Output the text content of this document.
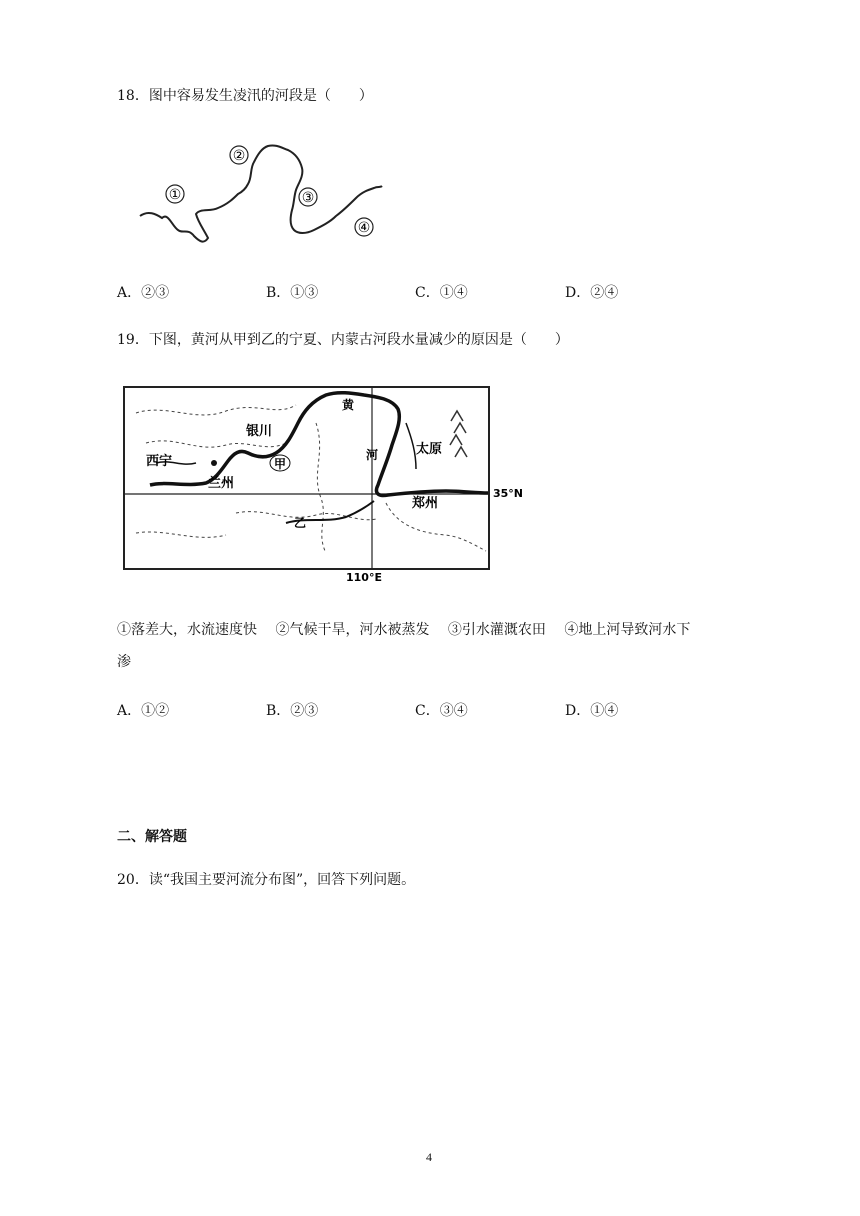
18．图中容易发生凌汛的河段是（　　）
①
②
③
④
A．②③	B．①③	C．①④	D．②④
19．下图，黄河从甲到乙的宁夏、内蒙古河段水量减少的原因是（　　）
银川
西宁
兰州
太原
郑州
甲
黄
河
乙
35°N
110°E
①落差大，水流速度快　 ②气候干旱，河水被蒸发　 ③引水灌溉农田　 ④地上河导致河水下
渗
A．①②	B．②③	C．③④	D．①④
二、解答题
20．读“我国主要河流分布图”，回答下列问题。
4
